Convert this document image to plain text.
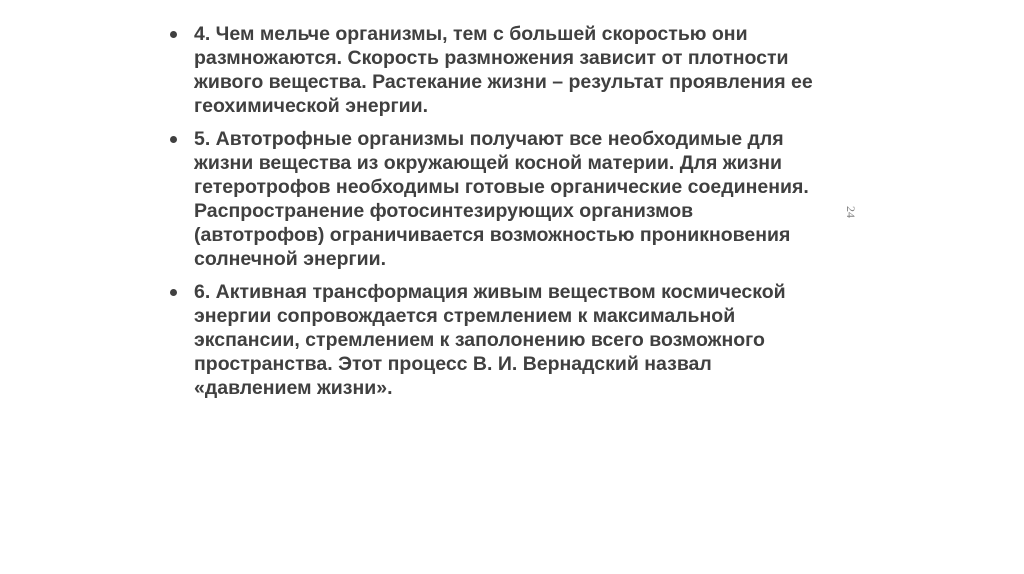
4. Чем мельче организмы, тем с большей скоростью они
размножаются. Скорость размножения зависит от плотности
живого вещества. Растекание жизни – результат проявления ее
геохимической энергии.
5. Автотрофные организмы получают все необходимые для
жизни вещества из окружающей косной материи. Для жизни
гетеротрофов необходимы готовые органические соединения.
Распространение фотосинтезирующих организмов
(автотрофов) ограничивается возможностью проникновения
солнечной энергии.
6. Активная трансформация живым веществом космической
энергии сопровождается стремлением к максимальной
экспансии, стремлением к заполонению всего возможного
пространства. Этот процесс В. И. Вернадский назвал
«давлением жизни».
24
